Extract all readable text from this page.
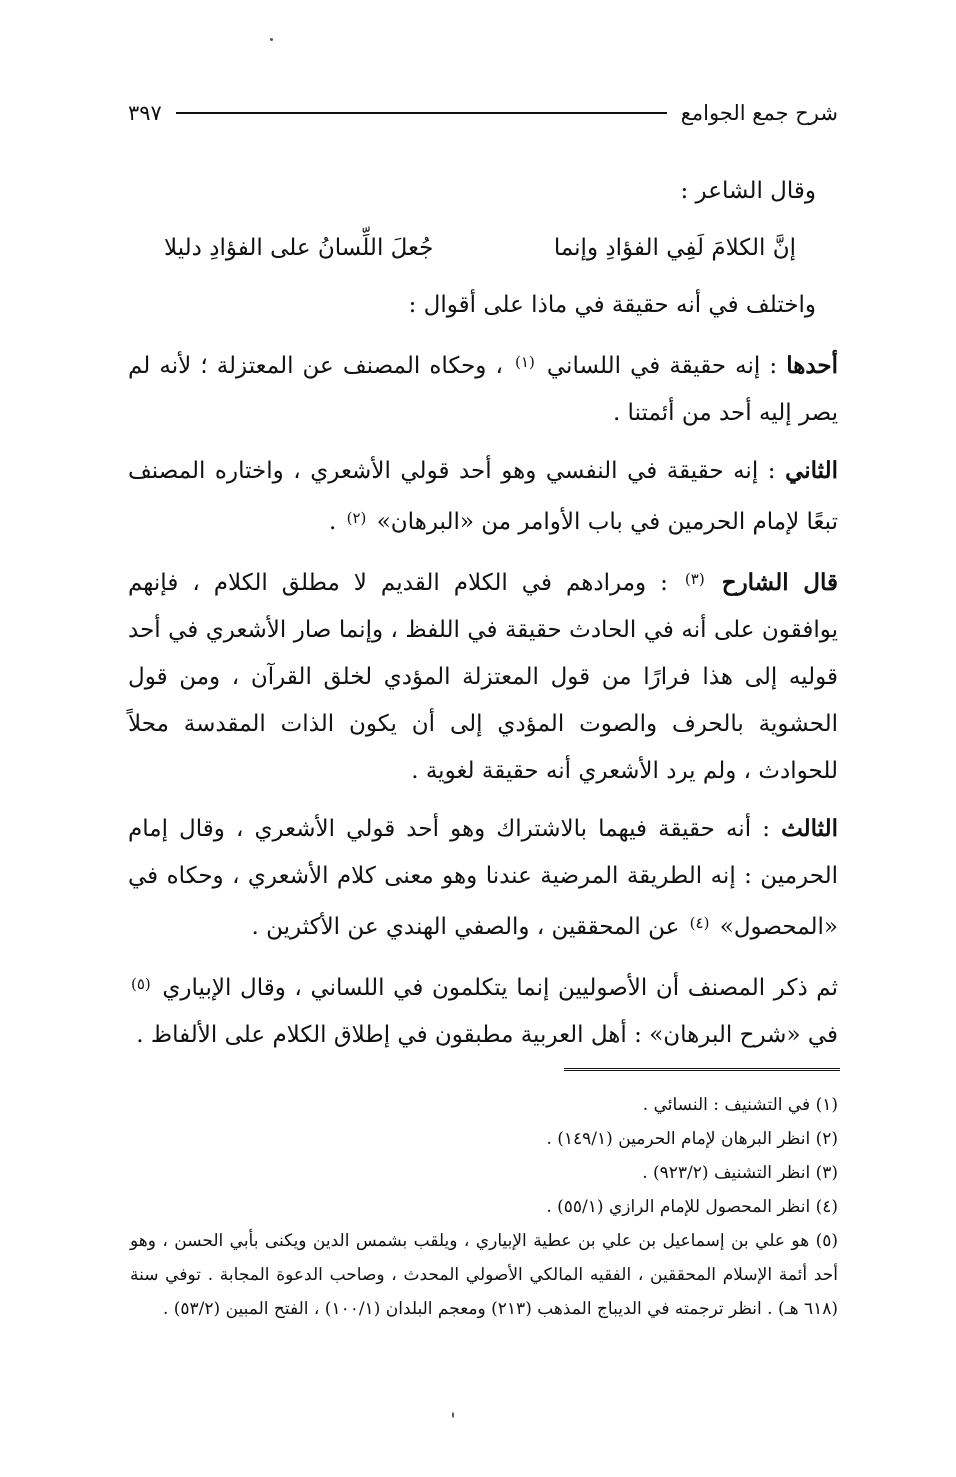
شرح جمع الجوامع
٣٩٧

وقال الشاعر :

إنَّ الكلامَ لَفِي الفؤادِ وإنما
جُعلَ اللِّسانُ على الفؤادِ دليلا

واختلف في أنه حقيقة في ماذا على أقوال :

أحدها : إنه حقيقة في اللساني $^{(١)}$ ، وحكاه المصنف عن المعتزلة ؛ لأنه لم يصر إليه أحد من أئمتنا .

الثاني : إنه حقيقة في النفسي وهو أحد قولي الأشعري ، واختاره المصنف تبعًا لإمام الحرمين في باب الأوامر من «البرهان» $^{(٢)}$ .

قال الشارح $^{(٣)}$ : ومرادهم في الكلام القديم لا مطلق الكلام ، فإنهم يوافقون على أنه في الحادث حقيقة في اللفظ ، وإنما صار الأشعري في أحد قوليه إلى هذا فرارًا من قول المعتزلة المؤدي لخلق القرآن ، ومن قول الحشوية بالحرف والصوت المؤدي إلى أن يكون الذات المقدسة محلاً للحوادث ، ولم يرد الأشعري أنه حقيقة لغوية .

الثالث : أنه حقيقة فيهما بالاشتراك وهو أحد قولي الأشعري ، وقال إمام الحرمين : إنه الطريقة المرضية عندنا وهو معنى كلام الأشعري ، وحكاه في «المحصول» $^{(٤)}$ عن المحققين ، والصفي الهندي عن الأكثرين .

ثم ذكر المصنف أن الأصوليين إنما يتكلمون في اللساني ، وقال الإبياري $^{(٥)}$ في «شرح البرهان» : أهل العربية مطبقون في إطلاق الكلام على الألفاظ .

(١) في التشنيف : النسائي .
(٢) انظر البرهان لإمام الحرمين (١٤٩/١) .
(٣) انظر التشنيف (٩٢٣/٢) .
(٤) انظر المحصول للإمام الرازي (٥٥/١) .
(٥) هو علي بن إسماعيل بن علي بن عطية الإبياري ، ويلقب بشمس الدين ويكنى بأبي الحسن ، وهو أحد أئمة الإسلام المحققين ، الفقيه المالكي الأصولي المحدث ، وصاحب الدعوة المجابة . توفي سنة (٦١٨ هـ) . انظر ترجمته في الديباج المذهب (٢١٣) ومعجم البلدان (١٠٠/١) ، الفتح المبين (٥٣/٢) .
